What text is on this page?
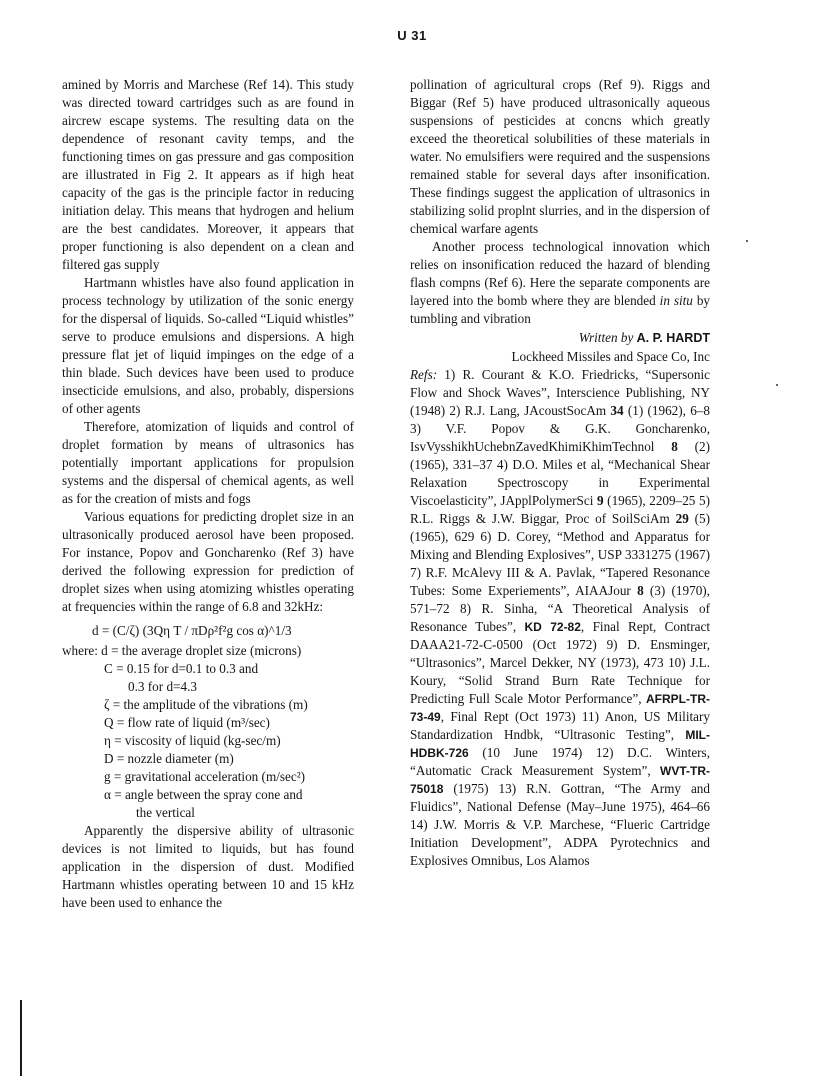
U 31

amined by Morris and Marchese (Ref 14). This study was directed toward cartridges such as are found in aircrew escape systems. The resulting data on the dependence of resonant cavity temps, and the functioning times on gas pressure and gas composition are illustrated in Fig 2. It appears as if high heat capacity of the gas is the principle factor in reducing initiation delay. This means that hydrogen and helium are the best candidates. Moreover, it appears that proper functioning is also dependent on a clean and filtered gas supply

Hartmann whistles have also found application in process technology by utilization of the sonic energy for the dispersal of liquids. So-called “Liquid whistles” serve to produce emulsions and dispersions. A high pressure flat jet of liquid impinges on the edge of a thin blade. Such devices have been used to produce insecticide emulsions, and also, probably, dispersions of other agents

Therefore, atomization of liquids and control of droplet formation by means of ultrasonics has potentially important applications for propulsion systems and the dispersal of chemical agents, as well as for the creation of mists and fogs

Various equations for predicting droplet size in an ultrasonically produced aerosol have been proposed. For instance, Popov and Goncharenko (Ref 3) have derived the following expression for prediction of droplet sizes when using atomizing whistles operating at frequencies within the range of 6.8 and 32kHz:

d = (C/ζ) (3Qη T / πDρ²f²g cos α)^1/3
where: d = the average droplet size (microns)
C = 0.15 for d=0.1 to 0.3 and
0.3 for d=4.3
ζ = the amplitude of the vibrations (m)
Q = flow rate of liquid (m³/sec)
η = viscosity of liquid (kg-sec/m)
D = nozzle diameter (m)
g = gravitational acceleration (m/sec²)
α = angle between the spray cone and
the vertical

Apparently the dispersive ability of ultrasonic devices is not limited to liquids, but has found application in the dispersion of dust. Modified Hartmann whistles operating between 10 and 15 kHz have been used to enhance the

pollination of agricultural crops (Ref 9). Riggs and Biggar (Ref 5) have produced ultrasonically aqueous suspensions of pesticides at concns which greatly exceed the theoretical solubilities of these materials in water. No emulsifiers were required and the suspensions remained stable for several days after insonification. These findings suggest the application of ultrasonics in stabilizing solid proplnt slurries, and in the dispersion of chemical warfare agents

Another process technological innovation which relies on insonification reduced the hazard of blending flash compns (Ref 6). Here the separate components are layered into the bomb where they are blended in situ by tumbling and vibration

Written by A. P. HARDT
Lockheed Missiles and Space Co, Inc

Refs: 1) R. Courant & K.O. Friedricks, “Supersonic Flow and Shock Waves”, Interscience Publishing, NY (1948) 2) R.J. Lang, JAcoustSocAm 34 (1) (1962), 6–8 3) V.F. Popov & G.K. Goncharenko, IsvVysshikhUchebnZavedKhimiKhimTechnol 8 (2) (1965), 331–37 4) D.O. Miles et al, “Mechanical Shear Relaxation Spectroscopy in Experimental Viscoelasticity”, JApplPolymerSci 9 (1965), 2209–25 5) R.L. Riggs & J.W. Biggar, Proc of SoilSciAm 29 (5) (1965), 629 6) D. Corey, “Method and Apparatus for Mixing and Blending Explosives”, USP 3331275 (1967) 7) R.F. McAlevy III & A. Pavlak, “Tapered Resonance Tubes: Some Experiements”, AIAAJour 8 (3) (1970), 571–72 8) R. Sinha, “A Theoretical Analysis of Resonance Tubes”, KD 72-82, Final Rept, Contract DAAA21-72-C-0500 (Oct 1972) 9) D. Ensminger, “Ultrasonics”, Marcel Dekker, NY (1973), 473 10) J.L. Koury, “Solid Strand Burn Rate Technique for Predicting Full Scale Motor Performance”, AFRPL-TR-73-49, Final Rept (Oct 1973) 11) Anon, US Military Standardization Hndbk, “Ultrasonic Testing”, MIL-HDBK-726 (10 June 1974) 12) D.C. Winters, “Automatic Crack Measurement System”, WVT-TR-75018 (1975) 13) R.N. Gottran, “The Army and Fluidics”, National Defense (May–June 1975), 464–66 14) J.W. Morris & V.P. Marchese, “Flueric Cartridge Initiation Development”, ADPA Pyrotechnics and Explosives Omnibus, Los Alamos
